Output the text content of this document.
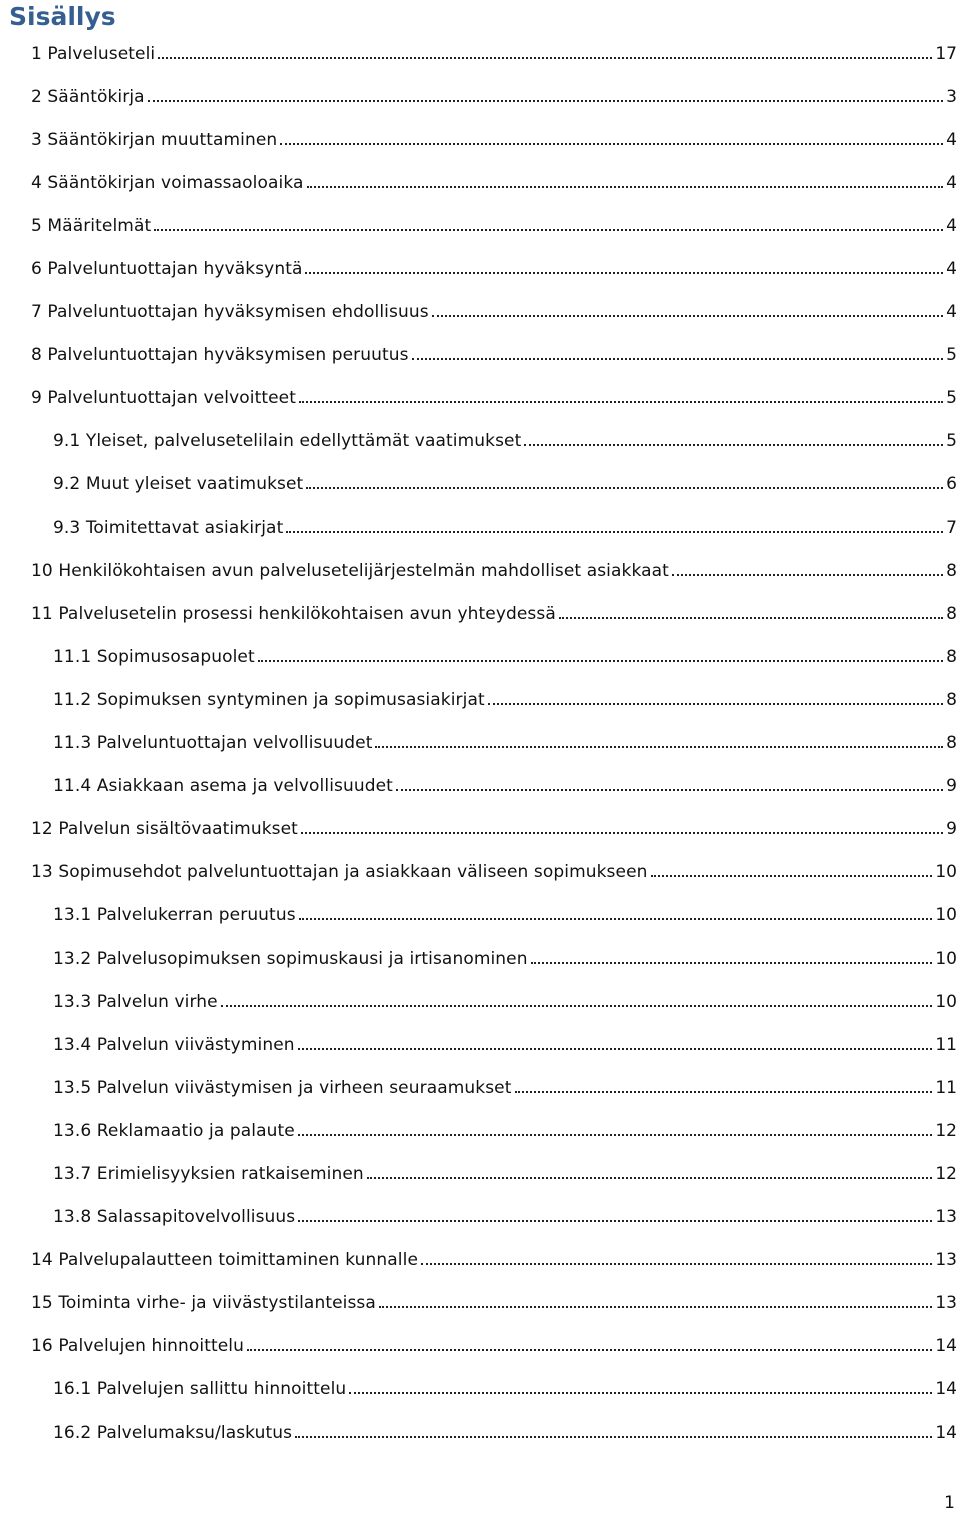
Sisällys
1 Palveluseteli	17
2 Sääntökirja	3
3 Sääntökirjan muuttaminen	4
4 Sääntökirjan voimassaoloaika	4
5 Määritelmät	4
6 Palveluntuottajan hyväksyntä	4
7 Palveluntuottajan hyväksymisen ehdollisuus	4
8 Palveluntuottajan hyväksymisen peruutus	5
9 Palveluntuottajan velvoitteet	5
9.1 Yleiset, palvelusetelilain edellyttämät vaatimukset	5
9.2 Muut yleiset vaatimukset	6
9.3 Toimitettavat asiakirjat	7
10 Henkilökohtaisen avun palvelusetelijärjestelmän mahdolliset asiakkaat	8
11 Palvelusetelin prosessi henkilökohtaisen avun yhteydessä	8
11.1 Sopimusosapuolet	8
11.2 Sopimuksen syntyminen ja sopimusasiakirjat	8
11.3 Palveluntuottajan velvollisuudet	8
11.4 Asiakkaan asema ja velvollisuudet	9
12 Palvelun sisältövaatimukset	9
13 Sopimusehdot palveluntuottajan ja asiakkaan väliseen sopimukseen	10
13.1 Palvelukerran peruutus	10
13.2 Palvelusopimuksen sopimuskausi ja irtisanominen	10
13.3 Palvelun virhe	10
13.4 Palvelun viivästyminen	11
13.5 Palvelun viivästymisen ja virheen seuraamukset	11
13.6 Reklamaatio ja palaute	12
13.7 Erimielisyyksien ratkaiseminen	12
13.8 Salassapitovelvollisuus	13
14 Palvelupalautteen toimittaminen kunnalle	13
15 Toiminta virhe- ja viivästystilanteissa	13
16 Palvelujen hinnoittelu	14
16.1 Palvelujen sallittu hinnoittelu	14
16.2 Palvelumaksu/laskutus	14
1
